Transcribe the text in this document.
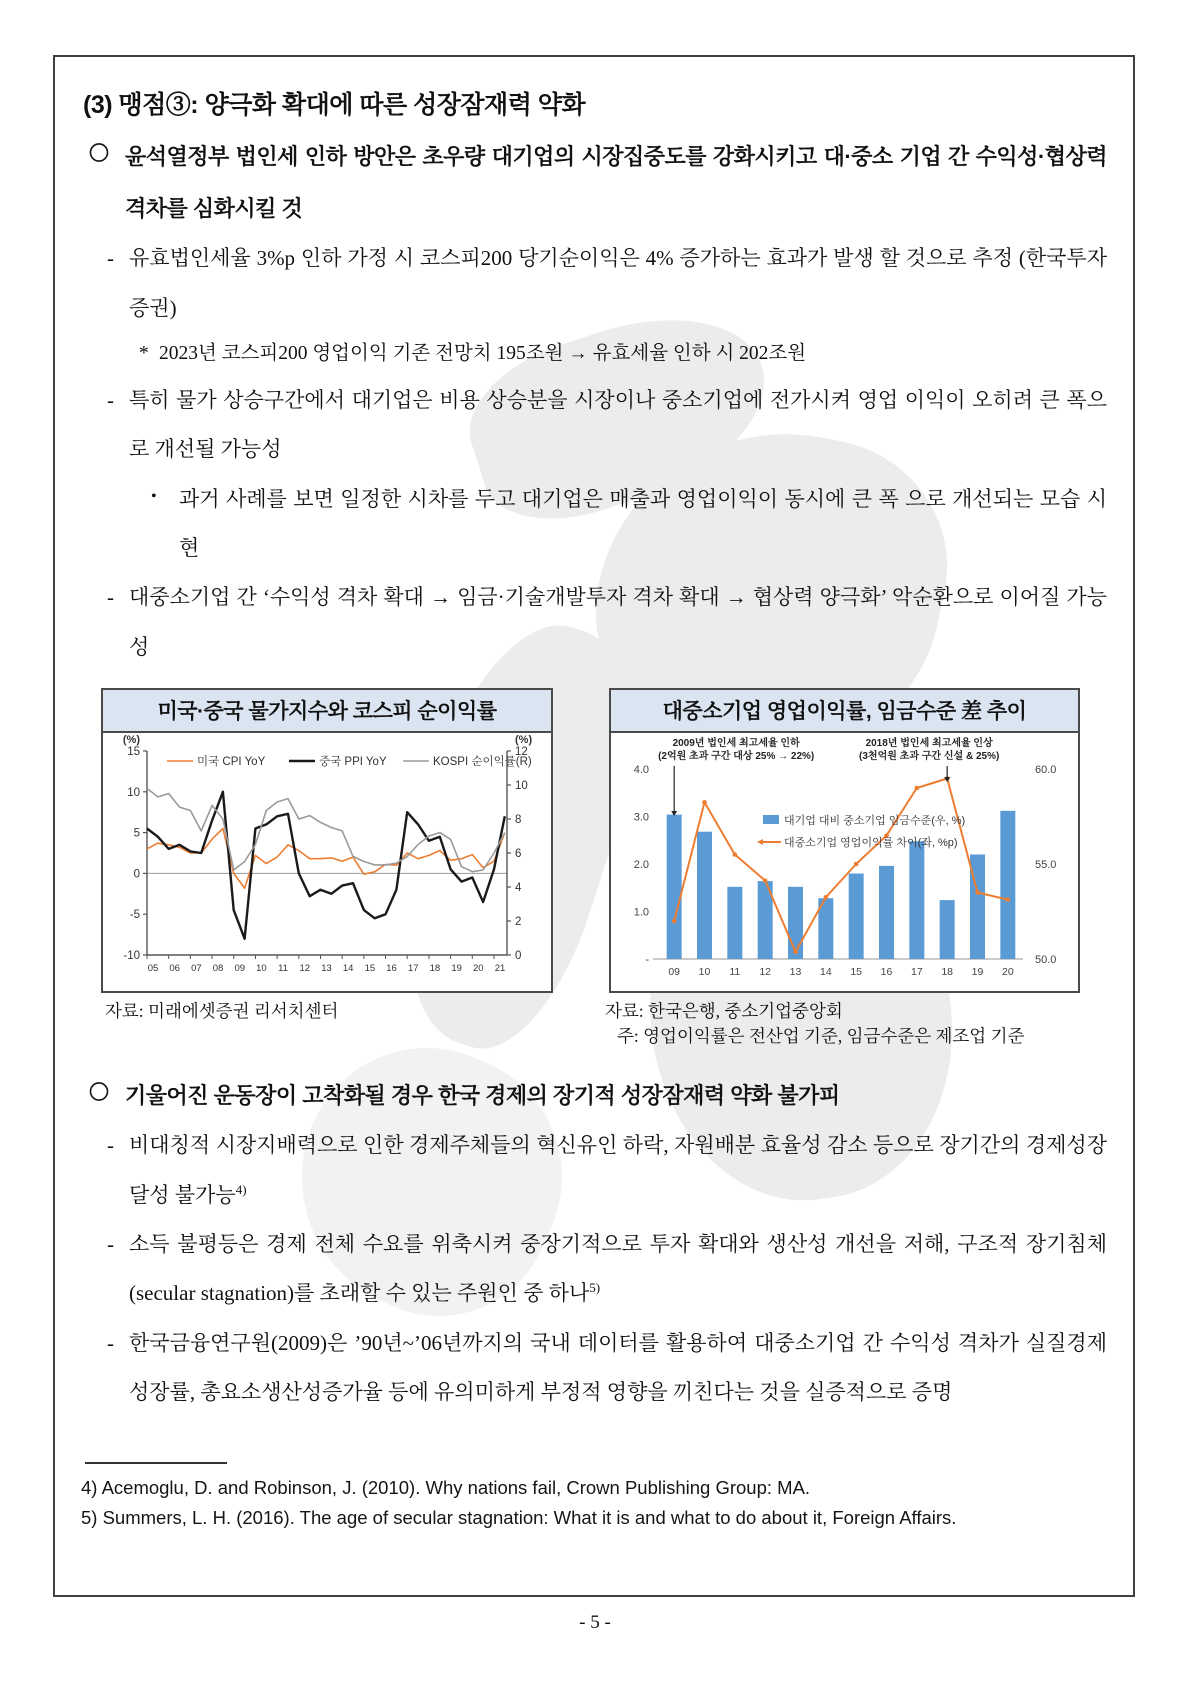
(3) 맹점③: 양극화 확대에 따른 성장잠재력 약화
〇 윤석열정부 법인세 인하 방안은 초우량 대기업의 시장집중도를 강화시키고 대·중소 기업 간 수익성·협상력 격차를 심화시킬 것
- 유효법인세율 3%p 인하 가정 시 코스피200 당기순이익은 4% 증가하는 효과가 발생 할 것으로 추정 (한국투자증권)
* 2023년 코스피200 영업이익 기존 전망치 195조원 → 유효세율 인하 시 202조원
- 특히 물가 상승구간에서 대기업은 비용 상승분을 시장이나 중소기업에 전가시켜 영업 이익이 오히려 큰 폭으로 개선될 가능성
•	과거 사례를 보면 일정한 시차를 두고 대기업은 매출과 영업이익이 동시에 큰 폭 으로 개선되는 모습 시현
- 대중소기업 간 ‘수익성 격차 확대 → 임금·기술개발투자 격차 확대 → 협상력 양극화’ 악순환으로 이어질 가능성
미국·중국 물가지수와 코스피 순이익률
15
10
5
0
-5
-10
12
10
8
6
4
2
0
(%)	(%)
05 06 07 08 09 10 11 12 13 14 15 16 17 18 19 20 21
미국 CPI YoY	중국 PPI YoY	KOSPI 순이익률(R)
대중소기업 영업이익률, 임금수준 差 추이
4.0
3.0
2.0
1.0
-
60.0
55.0
50.0
09 10 11 12 13 14 15 16 17 18 19 20
2009년 법인세 최고세율 인하
(2억원 초과 구간 대상 25% → 22%)
2018년 법인세 최고세율 인상
(3천억원 초과 구간 신설 & 25%)
대기업 대비 중소기업 임금수준(우, %)
대중소기업 영업이익률 차이(좌, %p)
자료: 미래에셋증권 리서치센터	자료: 한국은행, 중소기업중앙회
주: 영업이익률은 전산업 기준, 임금수준은 제조업 기준
〇 기울어진 운동장이 고착화될 경우 한국 경제의 장기적 성장잠재력 약화 불가피
- 비대칭적 시장지배력으로 인한 경제주체들의 혁신유인 하락, 자원배분 효율성 감소 등으로 장기간의 경제성장 달성 불가능$^{4)}$
- 소득 불평등은 경제 전체 수요를 위축시켜 중장기적으로 투자 확대와 생산성 개선을 저해, 구조적 장기침체(secular stagnation)를 초래할 수 있는 주원인 중 하나$^{5)}$
- 한국금융연구원(2009)은 ’90년~’06년까지의 국내 데이터를 활용하여 대중소기업 간 수익성 격차가 실질경제성장률, 총요소생산성증가율 등에 유의미하게 부정적 영향을 끼친다는 것을 실증적으로 증명

4) Acemoglu, D. and Robinson, J. (2010). Why nations fail, Crown Publishing Group: MA.

5) Summers, L. H. (2016). The age of secular stagnation: What it is and what to do about it, Foreign Affairs.

- 5 -
